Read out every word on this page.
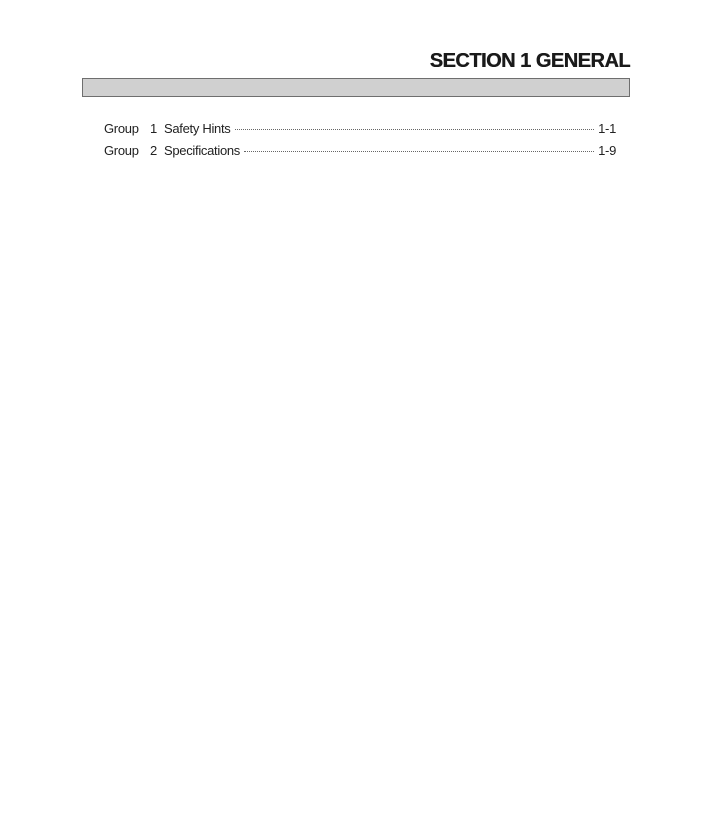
SECTION 1 GENERAL
Group 1 Safety Hints	1-1
Group 2 Specifications	1-9
